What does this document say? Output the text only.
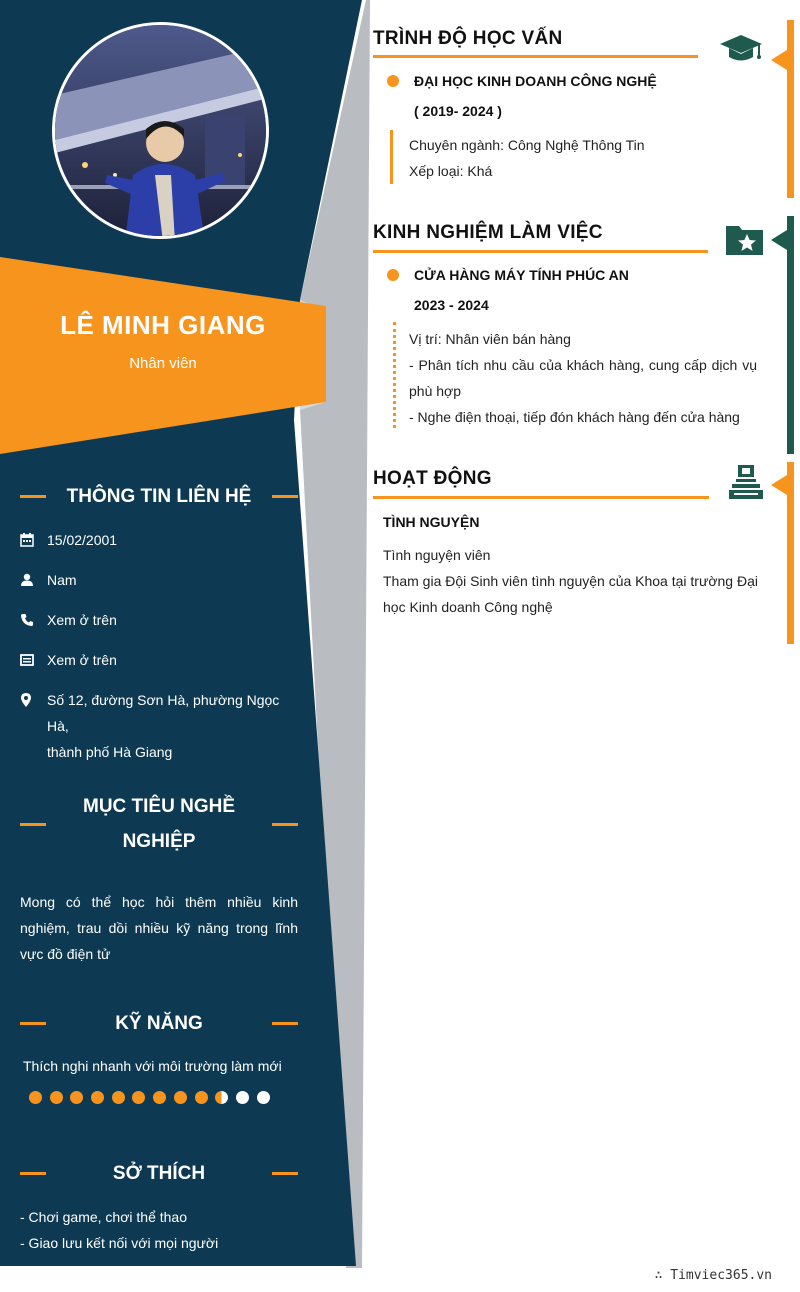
LÊ MINH GIANG
Nhân viên
THÔNG TIN LIÊN HỆ
15/02/2001
Nam
Xem ở trên
Xem ở trên
Số 12, đường Sơn Hà, phường Ngọc Hà,
thành phố Hà Giang
MỤC TIÊU NGHỀ
NGHIỆP
Mong có thể học hỏi thêm nhiều kinh nghiệm, trau dồi nhiều kỹ năng trong lĩnh vực đồ điện tử
KỸ NĂNG
Thích nghi nhanh với môi trường làm mới
SỞ THÍCH
- Chơi game, chơi thể thao
- Giao lưu kết nối với mọi người
TRÌNH ĐỘ HỌC VẤN
ĐẠI HỌC KINH DOANH CÔNG NGHỆ
( 2019- 2024 )
Chuyên ngành: Công Nghệ Thông Tin
Xếp loại: Khá
KINH NGHIỆM LÀM VIỆC
CỬA HÀNG MÁY TÍNH PHÚC AN
2023 - 2024
Vị trí: Nhân viên bán hàng
- Phân tích nhu cầu của khách hàng, cung cấp dịch vụ
phù hợp
- Nghe điện thoại, tiếp đón khách hàng đến cửa hàng
HOẠT ĐỘNG
TÌNH NGUYỆN
Tình nguyện viên
Tham gia Đội Sinh viên tình nguyện của Khoa tại trường Đại
học Kinh doanh Công nghệ
∴ Timviec365.vn
